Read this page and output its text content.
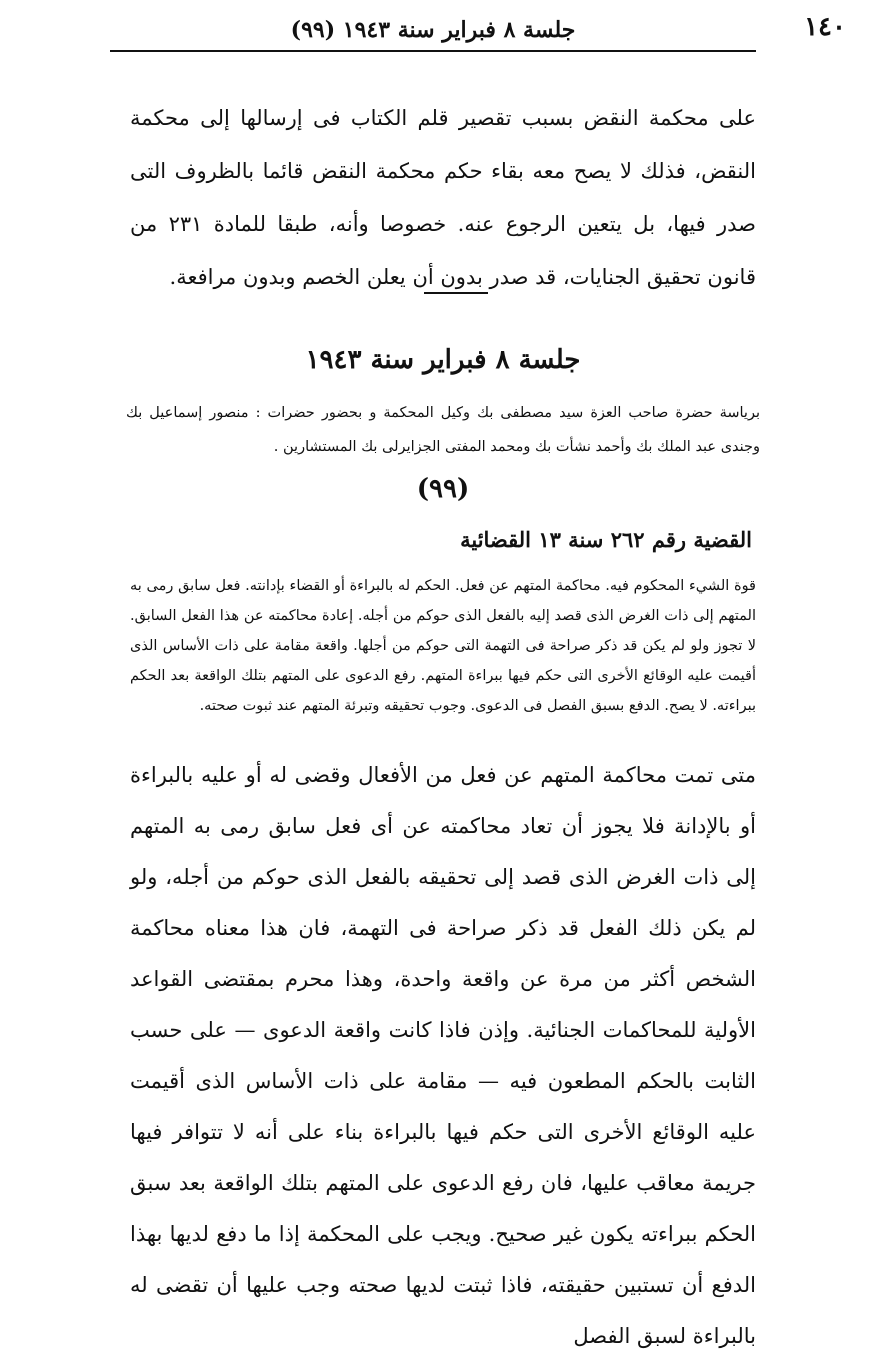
١٤٠
جلسة ٨ فبراير سنة ١٩٤٣ (٩٩)

على محكمة النقض بسبب تقصير قلم الكتاب فى إرسالها إلى محكمة النقض، فذلك لا يصح معه بقاء حكم محكمة النقض قائما بالظروف التى صدر فيها، بل يتعين الرجوع عنه. خصوصا وأنه، طبقا للمادة ٢٣١ من قانون تحقيق الجنايات، قد صدر بدون أن يعلن الخصم وبدون مرافعة.

جلسة ٨ فبراير سنة ١٩٤٣

برياسة حضرة صاحب العزة سيد مصطفى بك وكيل المحكمة و بحضور حضرات : منصور إسماعيل بك وجندى عبد الملك بك وأحمد نشأت بك ومحمد المفتى الجزايرلى بك المستشارين .

(٩٩)
القضية رقم ٢٦٢ سنة ١٣ القضائية

قوة الشيء المحكوم فيه. محاكمة المتهم عن فعل. الحكم له بالبراءة أو القضاء بإدانته. فعل سابق رمى به المتهم إلى ذات الغرض الذى قصد إليه بالفعل الذى حوكم من أجله. إعادة محاكمته عن هذا الفعل السابق. لا تجوز ولو لم يكن قد ذكر صراحة فى التهمة التى حوكم من أجلها. واقعة مقامة على ذات الأساس الذى أقيمت عليه الوقائع الأخرى التى حكم فيها ببراءة المتهم. رفع الدعوى على المتهم بتلك الواقعة بعد الحكم ببراءته. لا يصح. الدفع بسبق الفصل فى الدعوى. وجوب تحقيقه وتبرئة المتهم عند ثبوت صحته.

متى تمت محاكمة المتهم عن فعل من الأفعال وقضى له أو عليه بالبراءة أو بالإدانة فلا يجوز أن تعاد محاكمته عن أى فعل سابق رمى به المتهم إلى ذات الغرض الذى قصد إلى تحقيقه بالفعل الذى حوكم من أجله، ولو لم يكن ذلك الفعل قد ذكر صراحة فى التهمة، فان هذا معناه محاكمة الشخص أكثر من مرة عن واقعة واحدة، وهذا محرم بمقتضى القواعد الأولية للمحاكمات الجنائية. وإذن فاذا كانت واقعة الدعوى — على حسب الثابت بالحكم المطعون فيه — مقامة على ذات الأساس الذى أقيمت عليه الوقائع الأخرى التى حكم فيها بالبراءة بناء على أنه لا تتوافر فيها جريمة معاقب عليها، فان رفع الدعوى على المتهم بتلك الواقعة بعد سبق الحكم ببراءته يكون غير صحيح. ويجب على المحكمة إذا ما دفع لديها بهذا الدفع أن تستبين حقيقته، فاذا ثبتت لديها صحته وجب عليها أن تقضى له بالبراءة لسبق الفصل
